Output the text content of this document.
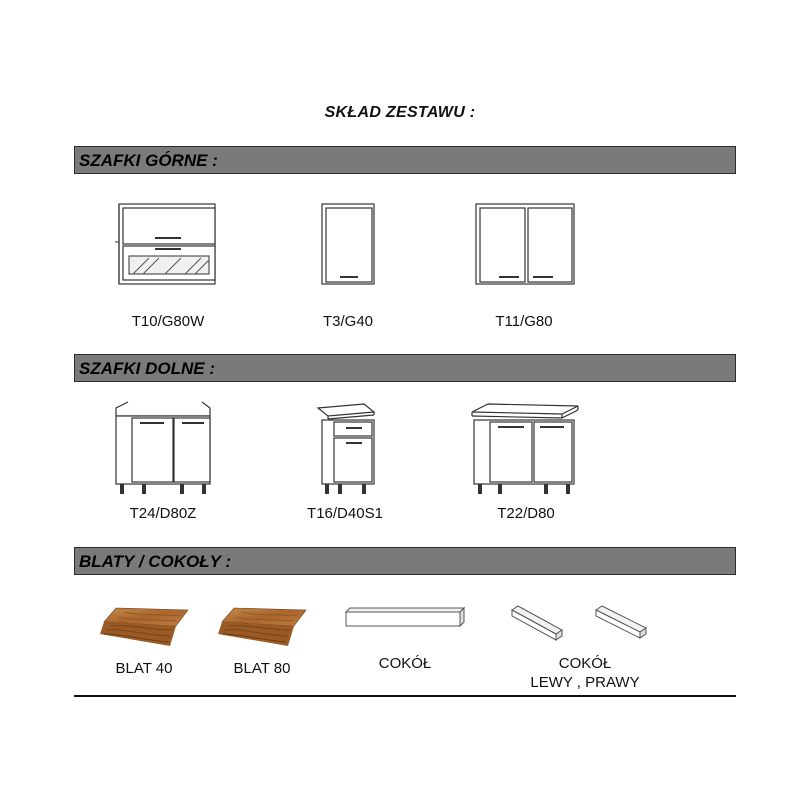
SKŁAD ZESTAWU :
SZAFKI GÓRNE :
T10/G80W	T3/G40	T11/G80
SZAFKI DOLNE :
T24/D80Z	T16/D40S1	T22/D80
BLATY / COKOŁY :
BLAT 40	BLAT 80	COKÓŁ	COKÓŁ
LEWY , PRAWY
